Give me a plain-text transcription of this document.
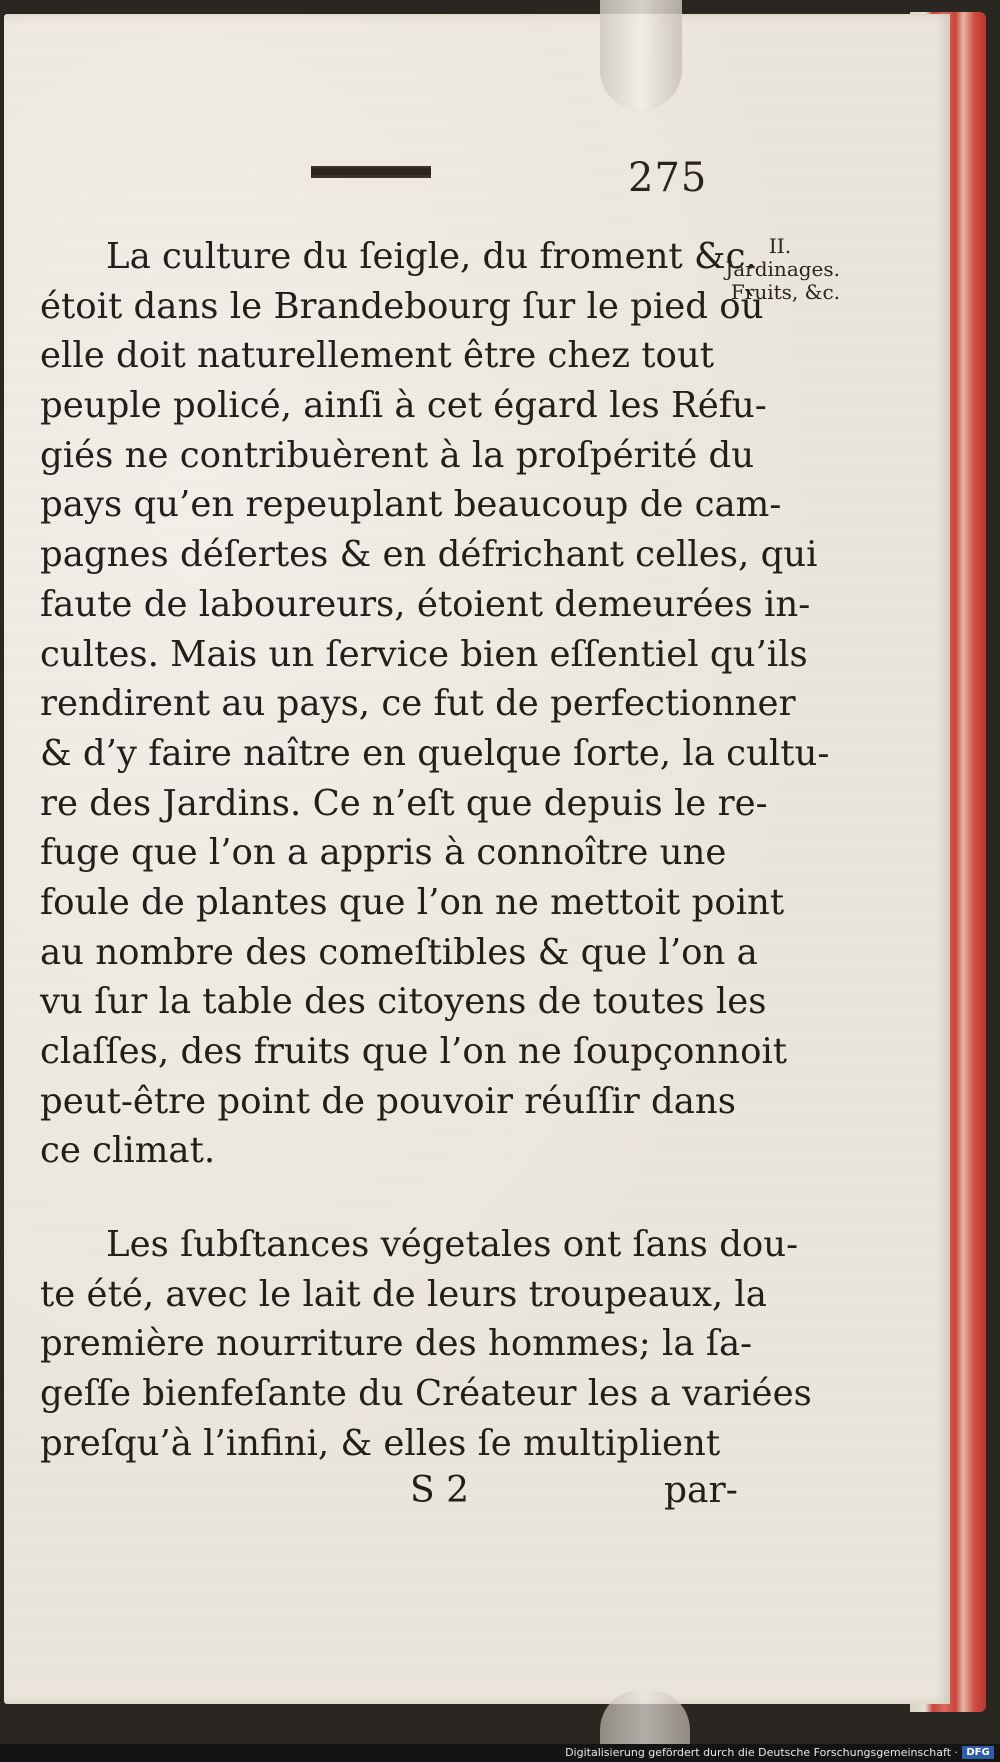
275
II.
Jardinages.
Fruits, &c.
La culture du ſeigle, du froment &c.
étoit dans le Brandebourg ſur le pied où
elle doit naturellement être chez tout
peuple policé, ainſi à cet égard les Réfu-
giés ne contribuèrent à la proſpérité du
pays qu’en repeuplant beaucoup de cam-
pagnes déſertes & en défrichant celles, qui
faute de laboureurs, étoient demeurées in-
cultes. Mais un ſervice bien eſſentiel qu’ils
rendirent au pays, ce fut de perfectionner
& d’y faire naître en quelque ſorte, la cultu-
re des Jardins. Ce n’eſt que depuis le re-
fuge que l’on a appris à connoître une
foule de plantes que l’on ne mettoit point
au nombre des comeſtibles & que l’on a
vu ſur la table des citoyens de toutes les
claſſes, des fruits que l’on ne ſoupçonnoit
peut-être point de pouvoir réuſſir dans
ce climat.
Les ſubſtances végetales ont ſans dou-
te été, avec le lait de leurs troupeaux, la
première nourriture des hommes; la ſa-
geſſe bienfeſante du Créateur les a variées
preſqu’à l’infini, & elles ſe multiplient
S 2	par-
Digitalisierung gefördert durch die Deutsche Forschungsgemeinschaft · DFG
